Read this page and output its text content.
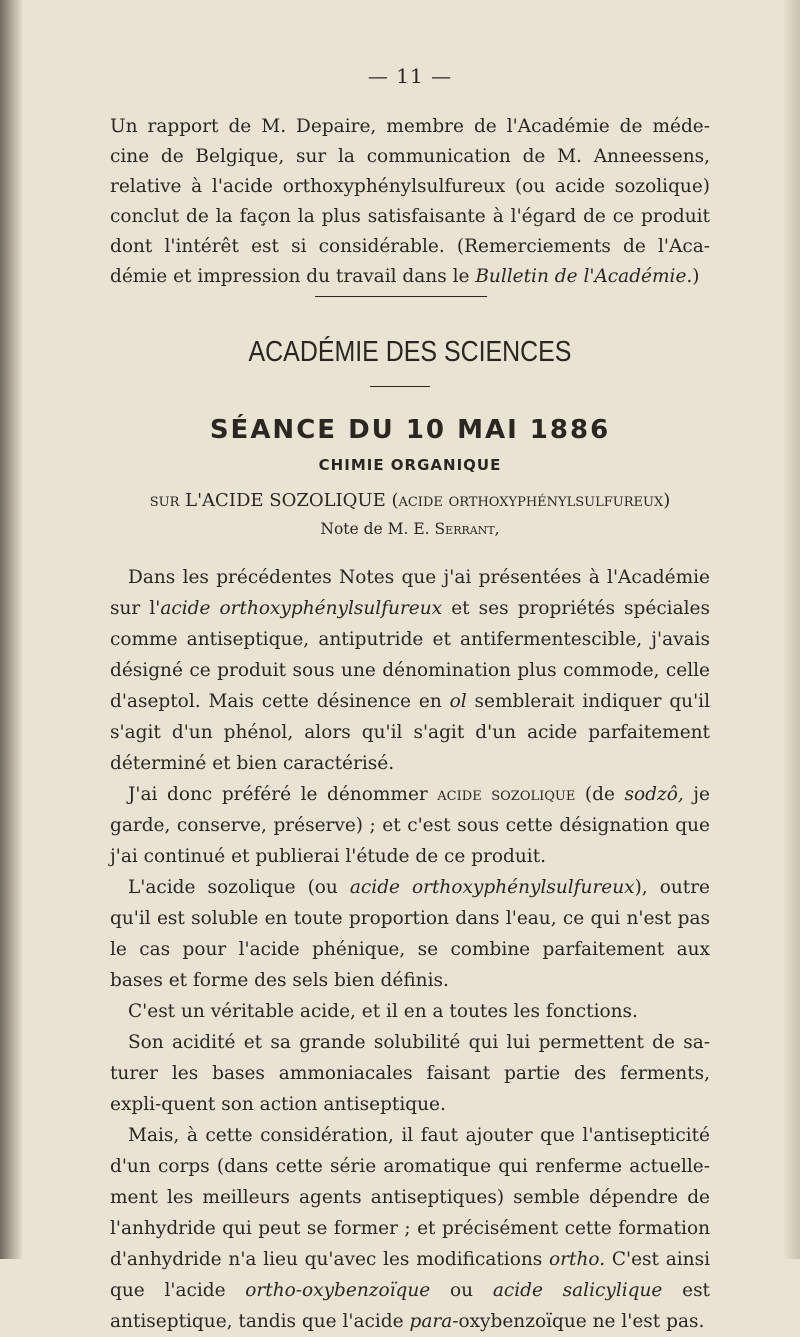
— 11 —

Un rapport de M. Depaire, membre de l'Académie de méde-cine de Belgique, sur la communication de M. Anneessens, relative à l'acide orthoxyphénylsulfureux (ou acide sozolique) conclut de la façon la plus satisfaisante à l'égard de ce produit dont l'intérêt est si considérable. (Remerciements de l'Aca-démie et impression du travail dans le Bulletin de l'Académie.)

ACADÉMIE DES SCIENCES
SÉANCE DU 10 MAI 1886
CHIMIE ORGANIQUE
sur L'ACIDE SOZOLIQUE (acide orthoxyphénylsulfureux)
Note de M. E. Serrant,

Dans les précédentes Notes que j'ai présentées à l'Académie sur l'acide orthoxyphénylsulfureux et ses propriétés spéciales comme antiseptique, antiputride et antifermentescible, j'avais désigné ce produit sous une dénomination plus commode, celle d'aseptol. Mais cette désinence en ol semblerait indiquer qu'il s'agit d'un phénol, alors qu'il s'agit d'un acide parfaitement déterminé et bien caractérisé.

J'ai donc préféré le dénommer acide sozolique (de sodzô, je garde, conserve, préserve) ; et c'est sous cette désignation que j'ai continué et publierai l'étude de ce produit.

L'acide sozolique (ou acide orthoxyphénylsulfureux), outre qu'il est soluble en toute proportion dans l'eau, ce qui n'est pas le cas pour l'acide phénique, se combine parfaitement aux bases et forme des sels bien définis.

C'est un véritable acide, et il en a toutes les fonctions.

Son acidité et sa grande solubilité qui lui permettent de sa-turer les bases ammoniacales faisant partie des ferments, expli-quent son action antiseptique.

Mais, à cette considération, il faut ajouter que l'antisepticité d'un corps (dans cette série aromatique qui renferme actuelle-ment les meilleurs agents antiseptiques) semble dépendre de l'anhydride qui peut se former ; et précisément cette formation d'anhydride n'a lieu qu'avec les modifications ortho. C'est ainsi que l'acide ortho-oxybenzoïque ou acide salicylique est antiseptique, tandis que l'acide para-oxybenzoïque ne l'est pas.
